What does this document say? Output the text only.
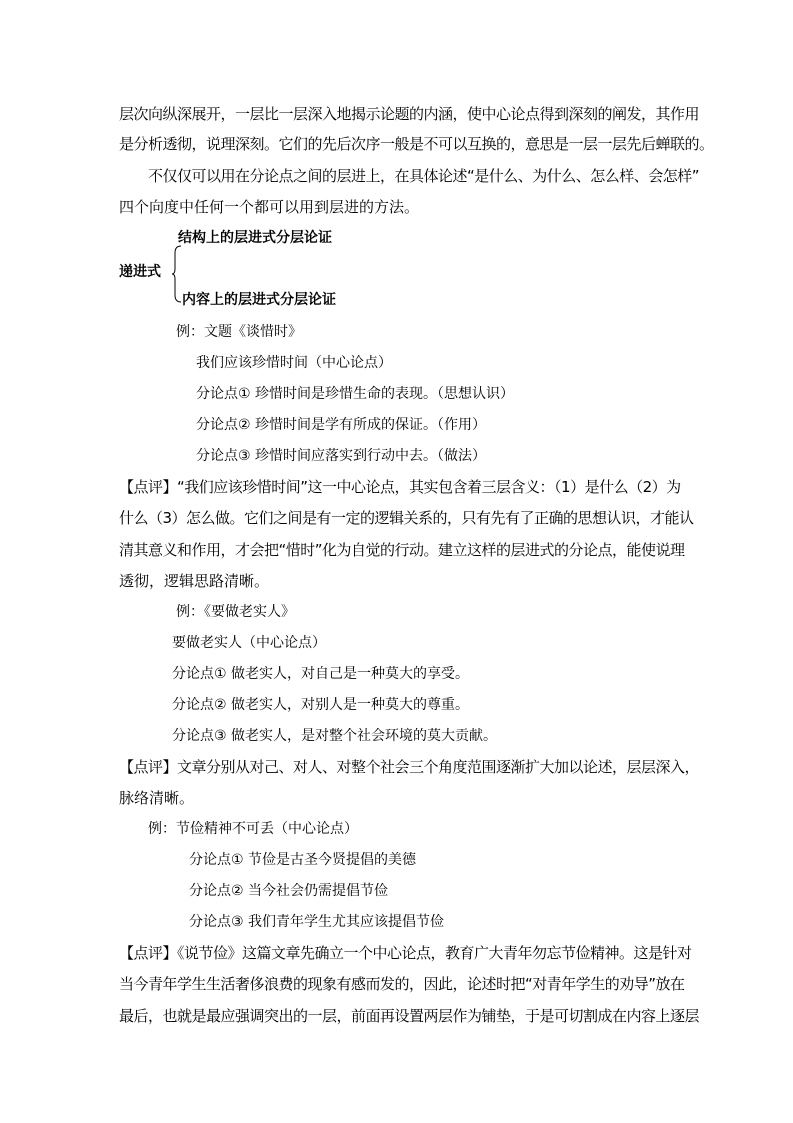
层次向纵深展开，一层比一层深入地揭示论题的内涵，使中心论点得到深刻的阐发，其作用
是分析透彻，说理深刻。它们的先后次序一般是不可以互换的，意思是一层一层先后蝉联的。
不仅仅可以用在分论点之间的层进上，在具体论述“是什么、为什么、怎么样、会怎样”
四个向度中任何一个都可以用到层进的方法。
结构上的层进式分层论证
递进式
内容上的层进式分层论证
例：文题《谈惜时》
我们应该珍惜时间（中心论点）
分论点① 珍惜时间是珍惜生命的表现。（思想认识）
分论点② 珍惜时间是学有所成的保证。（作用）
分论点③ 珍惜时间应落实到行动中去。（做法）
【点评】“我们应该珍惜时间”这一中心论点，其实包含着三层含义：（1）是什么（2）为
什么（3）怎么做。它们之间是有一定的逻辑关系的，只有先有了正确的思想认识，才能认
清其意义和作用，才会把“惜时”化为自觉的行动。建立这样的层进式的分论点，能使说理
透彻，逻辑思路清晰。
例：《要做老实人》
要做老实人（中心论点）
分论点① 做老实人，对自己是一种莫大的享受。
分论点② 做老实人，对别人是一种莫大的尊重。
分论点③ 做老实人，是对整个社会环境的莫大贡献。
【点评】文章分别从对己、对人、对整个社会三个角度范围逐渐扩大加以论述，层层深入，
脉络清晰。
例：节俭精神不可丢（中心论点）
分论点① 节俭是古圣今贤提倡的美德
分论点② 当今社会仍需提倡节俭
分论点③ 我们青年学生尤其应该提倡节俭
【点评】《说节俭》这篇文章先确立一个中心论点，教育广大青年勿忘节俭精神。这是针对
当今青年学生生活奢侈浪费的现象有感而发的，因此，论述时把“对青年学生的劝导”放在
最后，也就是最应强调突出的一层，前面再设置两层作为铺垫，于是可切割成在内容上逐层
